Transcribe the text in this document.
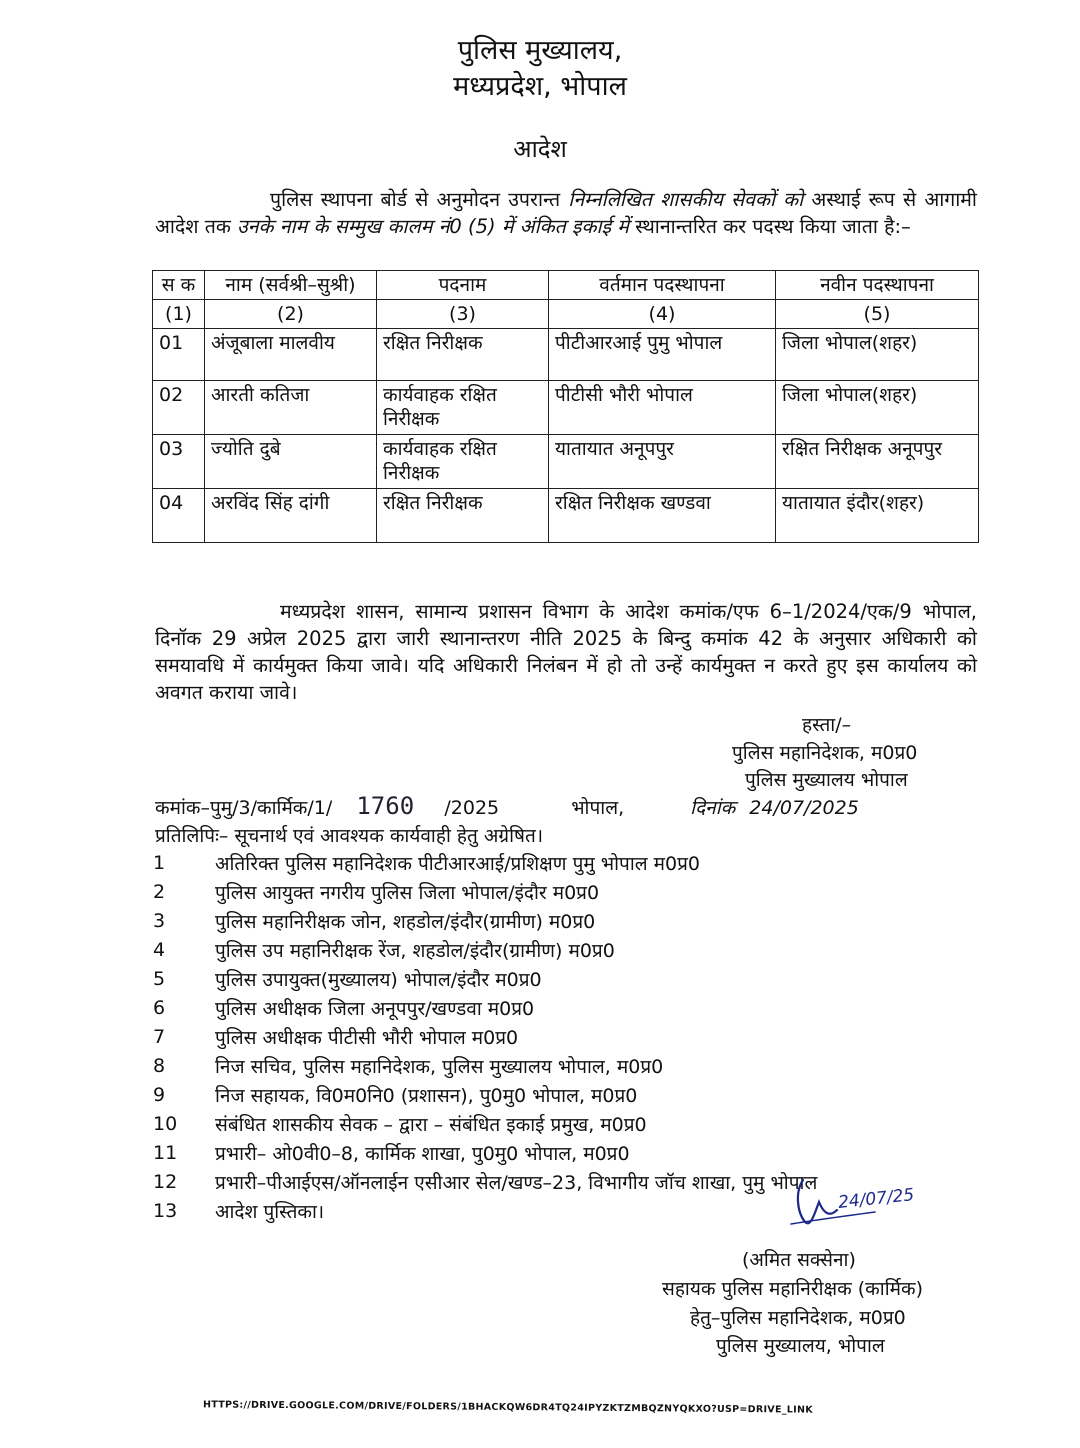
पुलिस मुख्यालय,
मध्यप्रदेश, भोपाल
आदेश

पुलिस स्थापना बोर्ड से अनुमोदन उपरान्त निम्नलिखित शासकीय सेवकों को अस्थाई रूप से आगामी आदेश तक उनके नाम के सम्मुख कालम नं0 (5) में अंकित इकाई में स्थानान्तरित कर पदस्थ किया जाता है:–

स क	नाम (सर्वश्री–सुश्री)	पदनाम	वर्तमान पदस्थापना	नवीन पदस्थापना
(1)	(2)	(3)	(4)	(5)
01	अंजूबाला मालवीय	रक्षित निरीक्षक	पीटीआरआई पुमु भोपाल	जिला भोपाल(शहर)
02	आरती कतिजा	कार्यवाहक रक्षित निरीक्षक	पीटीसी भौरी भोपाल	जिला भोपाल(शहर)
03	ज्योति दुबे	कार्यवाहक रक्षित निरीक्षक	यातायात अनूपपुर	रक्षित निरीक्षक अनूपपुर
04	अरविंद सिंह दांगी	रक्षित निरीक्षक	रक्षित निरीक्षक खण्डवा	यातायात इंदौर(शहर)

मध्यप्रदेश शासन, सामान्य प्रशासन विभाग के आदेश कमांक/एफ 6–1/2024/एक/9 भोपाल, दिनॉक 29 अप्रेल 2025 द्वारा जारी स्थानान्तरण नीति 2025 के बिन्दु कमांक 42 के अनुसार अधिकारी को समयावधि में कार्यमुक्त किया जावे। यदि अधिकारी निलंबन में हो तो उन्हें कार्यमुक्त न करते हुए इस कार्यालय को अवगत कराया जावे।

हस्ता/–
पुलिस महानिदेशक, म0प्र0
पुलिस मुख्यालय भोपाल
कमांक–पुमु/3/कार्मिक/1/ 1760 /2025	भोपाल,	दिनांक 24/07/2025
प्रतिलिपिः– सूचनार्थ एवं आवश्यक कार्यवाही हेतु अग्रेषित।
1	अतिरिक्त पुलिस महानिदेशक पीटीआरआई/प्रशिक्षण पुमु भोपाल म0प्र0
2	पुलिस आयुक्त नगरीय पुलिस जिला भोपाल/इंदौर म0प्र0
3	पुलिस महानिरीक्षक जोन, शहडोल/इंदौर(ग्रामीण) म0प्र0
4	पुलिस उप महानिरीक्षक रेंज, शहडोल/इंदौर(ग्रामीण) म0प्र0
5	पुलिस उपायुक्त(मुख्यालय) भोपाल/इंदौर म0प्र0
6	पुलिस अधीक्षक जिला अनूपपुर/खण्डवा म0प्र0
7	पुलिस अधीक्षक पीटीसी भौरी भोपाल म0प्र0
8	निज सचिव, पुलिस महानिदेशक, पुलिस मुख्यालय भोपाल, म0प्र0
9	निज सहायक, वि0म0नि0 (प्रशासन), पु0मु0 भोपाल, म0प्र0
10	संबंधित शासकीय सेवक – द्वारा – संबंधित इकाई प्रमुख, म0प्र0
11	प्रभारी– ओ0वी0–8, कार्मिक शाखा, पु0मु0 भोपाल, म0प्र0
12	प्रभारी–पीआईएस/ऑनलाईन एसीआर सेल/खण्ड–23, विभागीय जॉच शाखा, पुमु भोपाल
13	आदेश पुस्तिका।	24/07/25
(अमित सक्सेना)
सहायक पुलिस महानिरीक्षक (कार्मिक)
हेतु–पुलिस महानिदेशक, म0प्र0
पुलिस मुख्यालय, भोपाल
HTTPS://DRIVE.GOOGLE.COM/DRIVE/FOLDERS/1BHACKQW6DR4TQ24IPYZKTZMBQZNYQKXO?USP=DRIVE_LINK
